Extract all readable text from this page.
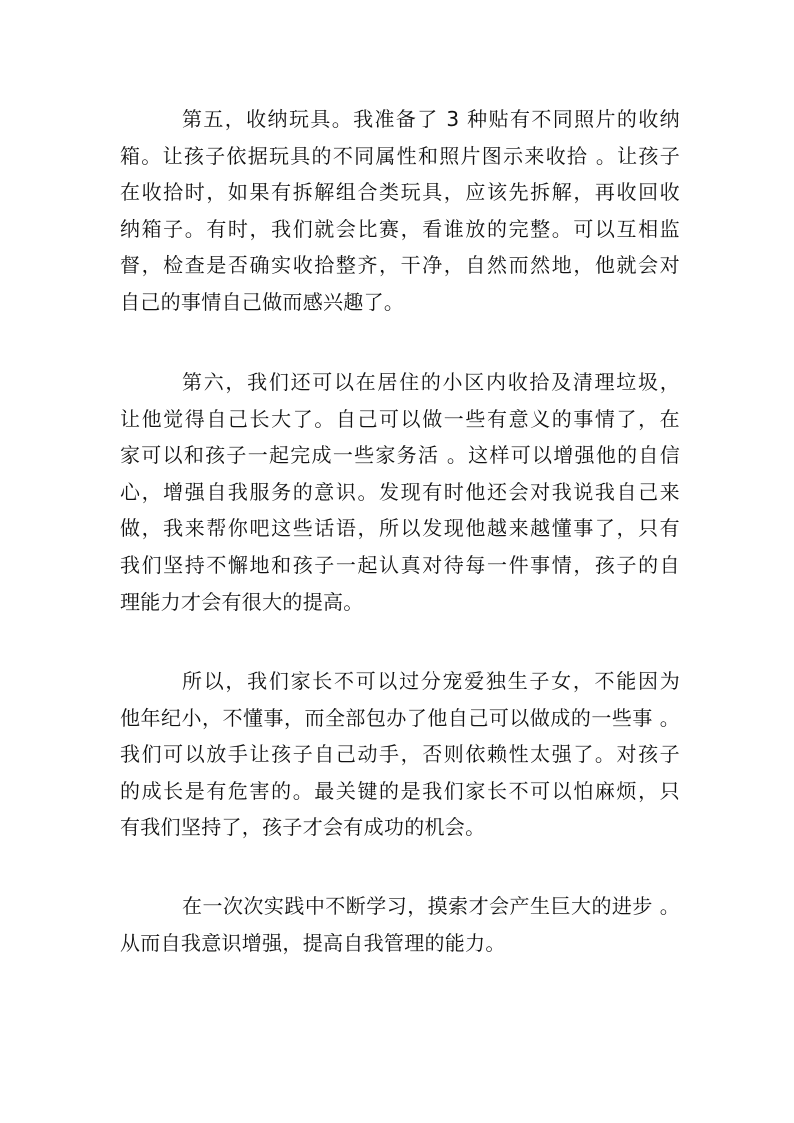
第五，收纳玩具。我准备了 3 种贴有不同照片的收纳
箱。让孩子依据玩具的不同属性和照片图示来收拾 。让孩子
在收拾时，如果有拆解组合类玩具，应该先拆解，再收回收
纳箱子。有时，我们就会比赛，看谁放的完整。可以互相监
督，检查是否确实收拾整齐，干净，自然而然地，他就会对
自己的事情自己做而感兴趣了。

第六，我们还可以在居住的小区内收拾及清理垃圾，
让他觉得自己长大了。自己可以做一些有意义的事情了，在
家可以和孩子一起完成一些家务活 。这样可以增强他的自信
心，增强自我服务的意识。发现有时他还会对我说我自己来
做，我来帮你吧这些话语，所以发现他越来越懂事了，只有
我们坚持不懈地和孩子一起认真对待每一件事情，孩子的自
理能力才会有很大的提高。

所以，我们家长不可以过分宠爱独生子女，不能因为
他年纪小，不懂事，而全部包办了他自己可以做成的一些事 。
我们可以放手让孩子自己动手，否则依赖性太强了。对孩子
的成长是有危害的。最关键的是我们家长不可以怕麻烦，只
有我们坚持了，孩子才会有成功的机会。

在一次次实践中不断学习，摸索才会产生巨大的进步 。
从而自我意识增强，提高自我管理的能力。
